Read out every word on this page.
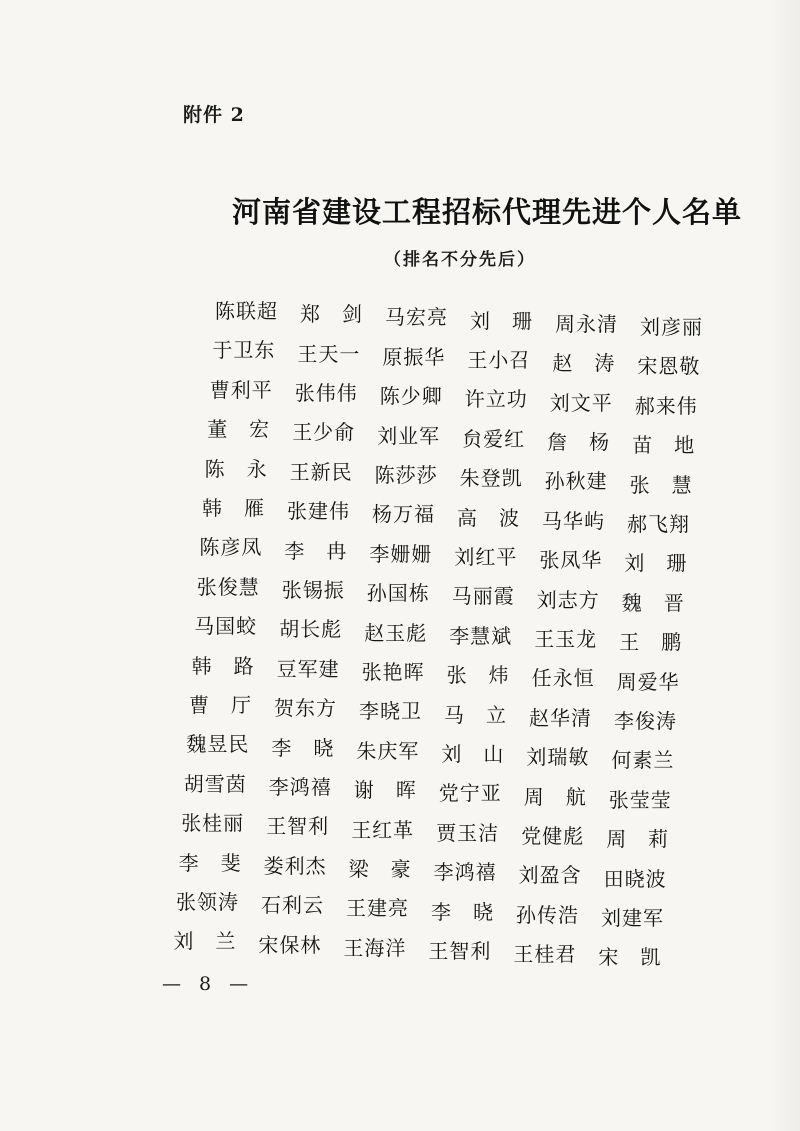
附件 2
河南省建设工程招标代理先进个人名单
（排名不分先后）
陈联超 郑　剑 马宏亮 刘　珊 周永清 刘彦丽
于卫东 王天一 原振华 王小召 赵　涛 宋恩敬
曹利平 张伟伟 陈少卿 许立功 刘文平 郝来伟
董　宏 王少俞 刘业军 贠爱红 詹　杨 苗　地
陈　永 王新民 陈莎莎 朱登凯 孙秋建 张　慧
韩　雁 张建伟 杨万福 高　波 马华屿 郝飞翔
陈彦凤 李　冉 李姗姗 刘红平 张凤华 刘　珊
张俊慧 张锡振 孙国栋 马丽霞 刘志方 魏　晋
马国蛟 胡长彪 赵玉彪 李慧斌 王玉龙 王　鹏
韩　路 豆军建 张艳晖 张　炜 任永恒 周爱华
曹　厅 贺东方 李晓卫 马　立 赵华清 李俊涛
魏昱民 李　晓 朱庆军 刘　山 刘瑞敏 何素兰
胡雪茵 李鸿禧 谢　晖 党宁亚 周　航 张莹莹
张桂丽 王智利 王红革 贾玉洁 党健彪 周　莉
李　斐 娄利杰 梁　豪 李鸿禧 刘盈含 田晓波
张领涛 石利云 王建亮 李　晓 孙传浩 刘建军
刘　兰 宋保林 王海洋 王智利 王桂君 宋　凯
— 8 —
